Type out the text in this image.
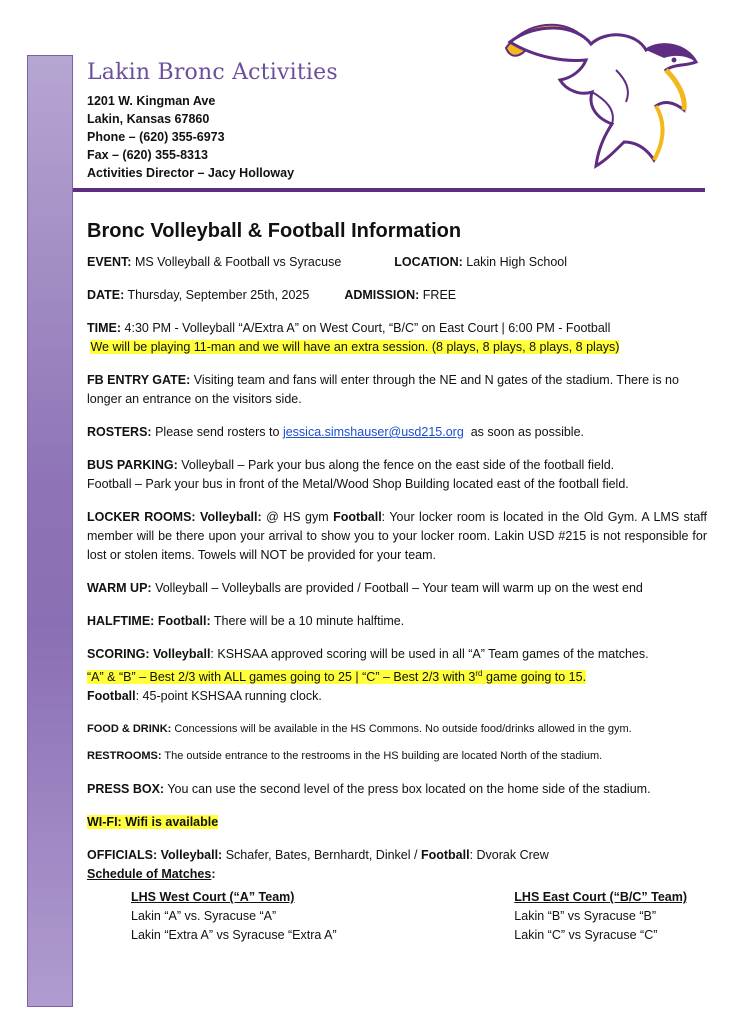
Lakin Bronc Activities
1201 W. Kingman Ave
Lakin, Kansas 67860
Phone – (620) 355-6973
Fax – (620) 355-8313
Activities Director – Jacy Holloway
Bronc Volleyball & Football Information
EVENT: MS Volleyball & Football vs Syracuse	LOCATION: Lakin High School
DATE: Thursday, September 25th, 2025	ADMISSION: FREE
TIME: 4:30 PM - Volleyball “A/Extra A” on West Court, “B/C” on East Court | 6:00 PM - Football
We will be playing 11-man and we will have an extra session. (8 plays, 8 plays, 8 plays, 8 plays)
FB ENTRY GATE: Visiting team and fans will enter through the NE and N gates of the stadium. There is no longer an entrance on the visitors side.
ROSTERS: Please send rosters to jessica.simshauser@usd215.org as soon as possible.
BUS PARKING: Volleyball – Park your bus along the fence on the east side of the football field.
Football – Park your bus in front of the Metal/Wood Shop Building located east of the football field.
LOCKER ROOMS: Volleyball: @ HS gym Football: Your locker room is located in the Old Gym. A LMS staff member will be there upon your arrival to show you to your locker room. Lakin USD #215 is not responsible for lost or stolen items. Towels will NOT be provided for your team.
WARM UP: Volleyball – Volleyballs are provided / Football – Your team will warm up on the west end
HALFTIME: Football: There will be a 10 minute halftime.
SCORING: Volleyball: KSHSAA approved scoring will be used in all “A” Team games of the matches.
“A” & “B” – Best 2/3 with ALL games going to 25 | “C” – Best 2/3 with 3rd game going to 15.
Football: 45-point KSHSAA running clock.
FOOD & DRINK: Concessions will be available in the HS Commons. No outside food/drinks allowed in the gym.
RESTROOMS: The outside entrance to the restrooms in the HS building are located North of the stadium.
PRESS BOX: You can use the second level of the press box located on the home side of the stadium.
WI-FI: Wifi is available
OFFICIALS: Volleyball: Schafer, Bates, Bernhardt, Dinkel / Football: Dvorak Crew
Schedule of Matches:
LHS West Court (“A” Team)
Lakin “A” vs. Syracuse “A”
Lakin “Extra A” vs Syracuse “Extra A”
LHS East Court (“B/C” Team)
Lakin “B” vs Syracuse “B”
Lakin “C” vs Syracuse “C”
